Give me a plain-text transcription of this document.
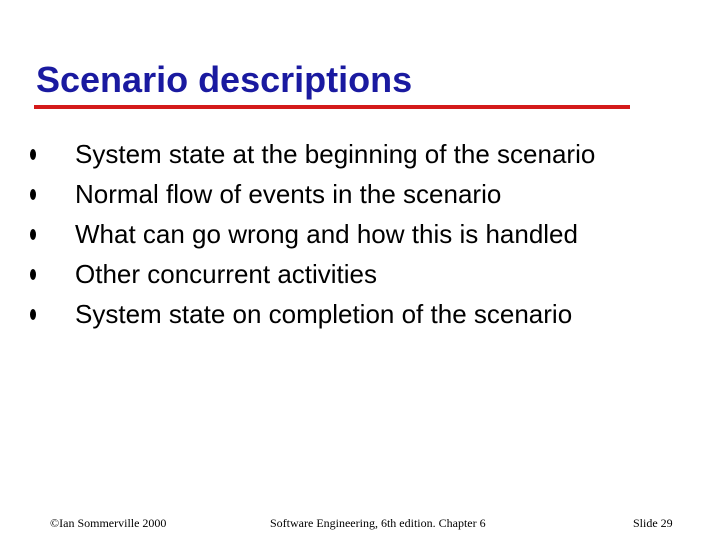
Scenario descriptions
System state at the beginning of the scenario
Normal flow of events in the scenario
What can go wrong and how this is handled
Other concurrent activities
System state on completion of the scenario
©Ian Sommerville 2000	Software Engineering, 6th edition. Chapter 6	Slide 29
